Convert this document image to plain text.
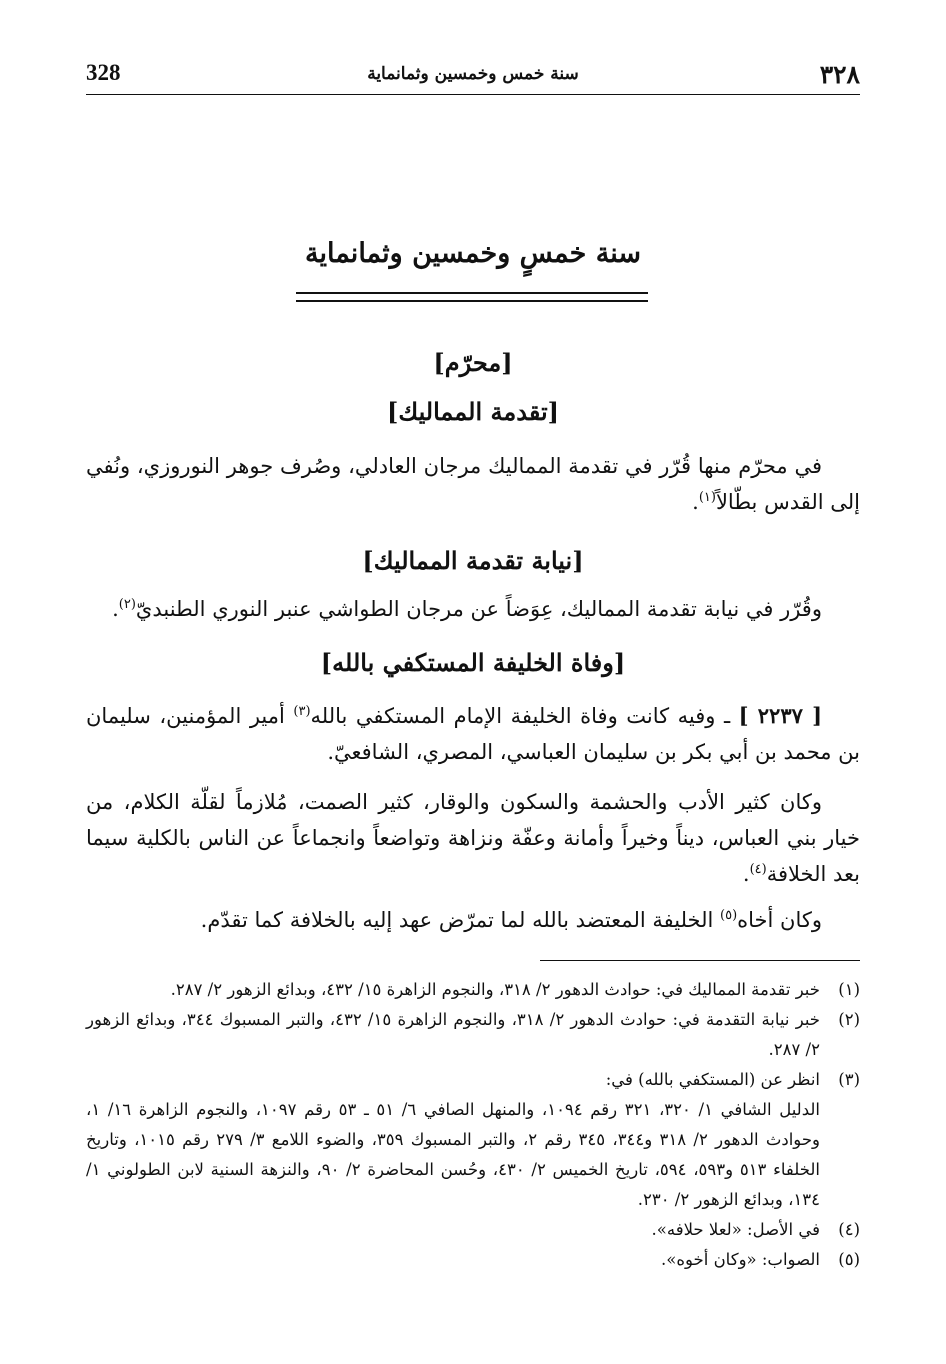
٣٢٨
سنة خمس وخمسين وثمانماية
328
سنة خمسٍ وخمسين وثمانماية
[محرّم]
[تقدمة المماليك]
في محرّم منها قُرّر في تقدمة المماليك مرجان العادلي، وصُرف جوهر النوروزي، ونُفي إلى القدس بطّالاً$^{(١)}$.
[نيابة تقدمة المماليك]
وقُرّر في نيابة تقدمة المماليك، عِوَضاً عن مرجان الطواشي عنبر النوري الطنبديّ$^{(٢)}$.
[وفاة الخليفة المستكفي بالله]
[ ٢٢٣٧ ] ـ وفيه كانت وفاة الخليفة الإمام المستكفي بالله$^{(٣)}$ أمير المؤمنين، سليمان بن محمد بن أبي بكر بن سليمان العباسي، المصري، الشافعيّ.
وكان كثير الأدب والحشمة والسكون والوقار، كثير الصمت، مُلازماً لقلّة الكلام، من خيار بني العباس، ديناً وخيراً وأمانة وعفّة ونزاهة وتواضعاً وانجماعاً عن الناس بالكلية سيما بعد الخلافة$^{(٤)}$.
وكان أخاه$^{(٥)}$ الخليفة المعتضد بالله لما تمرّض عهد إليه بالخلافة كما تقدّم.
(١)
خبر تقدمة المماليك في: حوادث الدهور ٢/ ٣١٨، والنجوم الزاهرة ١٥/ ٤٣٢، وبدائع الزهور ٢/ ٢٨٧.
(٢)
خبر نيابة التقدمة في: حوادث الدهور ٢/ ٣١٨، والنجوم الزاهرة ١٥/ ٤٣٢، والتبر المسبوك ٣٤٤، وبدائع الزهور ٢/ ٢٨٧.
(٣)
انظر عن (المستكفي بالله) في:
الدليل الشافي ١/ ٣٢٠، ٣٢١ رقم ١٠٩٤، والمنهل الصافي ٦/ ٥١ ـ ٥٣ رقم ١٠٩٧، والنجوم الزاهرة ١٦/ ١، وحوادث الدهور ٢/ ٣١٨ و٣٤٤، ٣٤٥ رقم ٢، والتبر المسبوك ٣٥٩، والضوء اللامع ٣/ ٢٧٩ رقم ١٠١٥، وتاريخ الخلفاء ٥١٣ و٥٩٣، ٥٩٤، تاريخ الخميس ٢/ ٤٣٠، وحُسن المحاضرة ٢/ ٩٠، والنزهة السنية لابن الطولوني ١/ ١٣٤، وبدائع الزهور ٢/ ٢٣٠.
(٤)
في الأصل: «لعلا حلافه».
(٥)
الصواب: «وكان أخوه».
